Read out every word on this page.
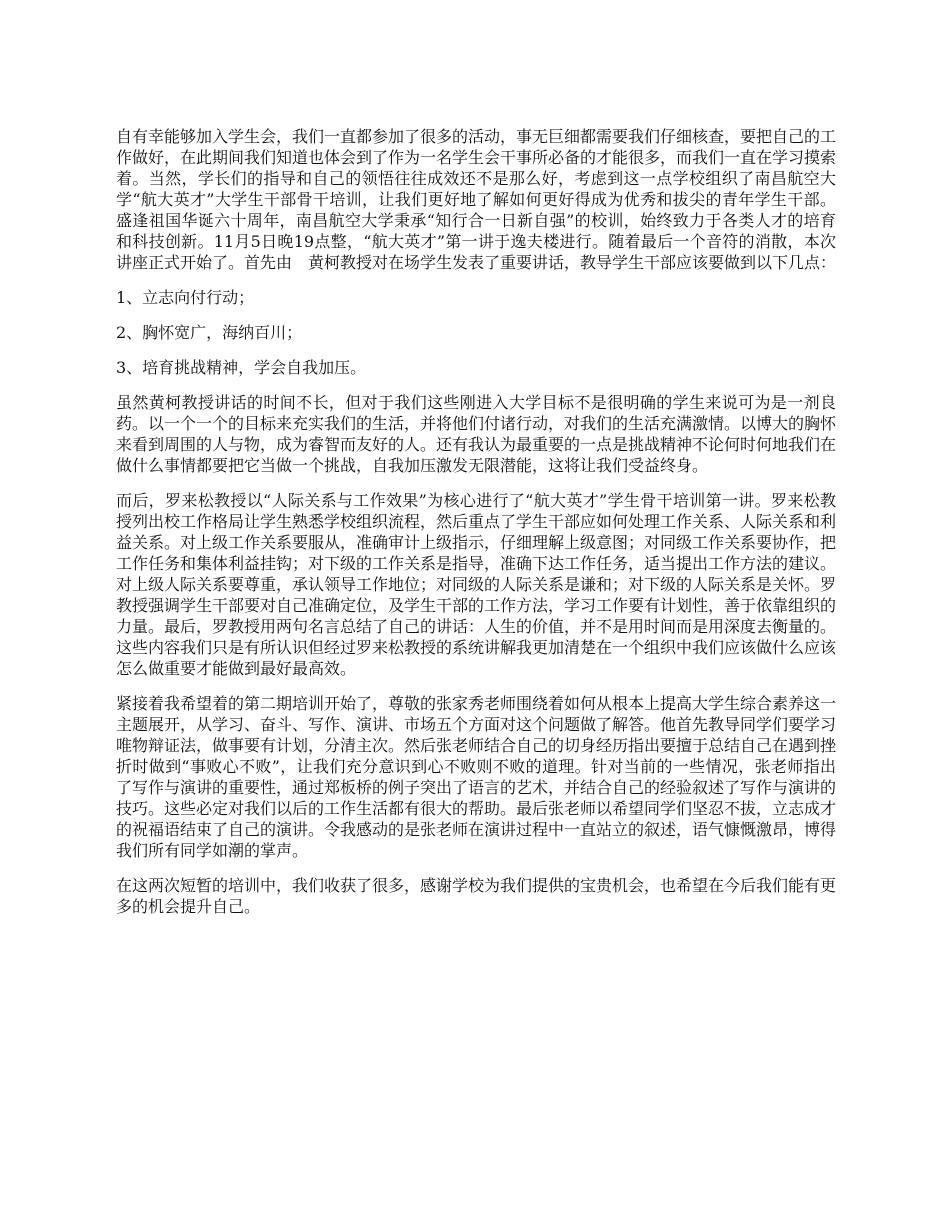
自有幸能够加入学生会，我们一直都参加了很多的活动，事无巨细都需要我们仔细核查，要把自己的工作做好，在此期间我们知道也体会到了作为一名学生会干事所必备的才能很多，而我们一直在学习摸索着。当然，学长们的指导和自己的领悟往往成效还不是那么好，考虑到这一点学校组织了南昌航空大学“航大英才”大学生干部骨干培训，让我们更好地了解如何更好得成为优秀和拔尖的青年学生干部。盛逢祖国华诞六十周年，南昌航空大学秉承“知行合一日新自强”的校训，始终致力于各类人才的培育和科技创新。11月5日晚19点整，“航大英才”第一讲于逸夫楼进行。随着最后一个音符的消散，本次讲座正式开始了。首先由　黄柯教授对在场学生发表了重要讲话，教导学生干部应该要做到以下几点：

1、立志向付行动；

2、胸怀宽广，海纳百川；

3、培育挑战精神，学会自我加压。

虽然黄柯教授讲话的时间不长，但对于我们这些刚进入大学目标不是很明确的学生来说可为是一剂良药。以一个一个的目标来充实我们的生活，并将他们付诸行动，对我们的生活充满激情。以博大的胸怀来看到周围的人与物，成为睿智而友好的人。还有我认为最重要的一点是挑战精神不论何时何地我们在做什么事情都要把它当做一个挑战，自我加压激发无限潜能，这将让我们受益终身。

而后，罗来松教授以“人际关系与工作效果”为核心进行了“航大英才”学生骨干培训第一讲。罗来松教授列出校工作格局让学生熟悉学校组织流程，然后重点了学生干部应如何处理工作关系、人际关系和利益关系。对上级工作关系要服从，准确审计上级指示，仔细理解上级意图；对同级工作关系要协作，把工作任务和集体利益挂钩；对下级的工作关系是指导，准确下达工作任务，适当提出工作方法的建议。对上级人际关系要尊重，承认领导工作地位；对同级的人际关系是谦和；对下级的人际关系是关怀。罗教授强调学生干部要对自己准确定位，及学生干部的工作方法，学习工作要有计划性，善于依靠组织的力量。最后，罗教授用两句名言总结了自己的讲话：人生的价值，并不是用时间而是用深度去衡量的。这些内容我们只是有所认识但经过罗来松教授的系统讲解我更加清楚在一个组织中我们应该做什么应该怎么做重要才能做到最好最高效。

紧接着我希望着的第二期培训开始了，尊敬的张家秀老师围绕着如何从根本上提高大学生综合素养这一主题展开，从学习、奋斗、写作、演讲、市场五个方面对这个问题做了解答。他首先教导同学们要学习唯物辩证法，做事要有计划，分清主次。然后张老师结合自己的切身经历指出要擅于总结自己在遇到挫折时做到“事败心不败”，让我们充分意识到心不败则不败的道理。针对当前的一些情况，张老师指出了写作与演讲的重要性，通过郑板桥的例子突出了语言的艺术，并结合自己的经验叙述了写作与演讲的技巧。这些必定对我们以后的工作生活都有很大的帮助。最后张老师以希望同学们坚忍不拔，立志成才的祝福语结束了自己的演讲。令我感动的是张老师在演讲过程中一直站立的叙述，语气慷慨激昂，博得我们所有同学如潮的掌声。

在这两次短暂的培训中，我们收获了很多，感谢学校为我们提供的宝贵机会，也希望在今后我们能有更多的机会提升自己。
